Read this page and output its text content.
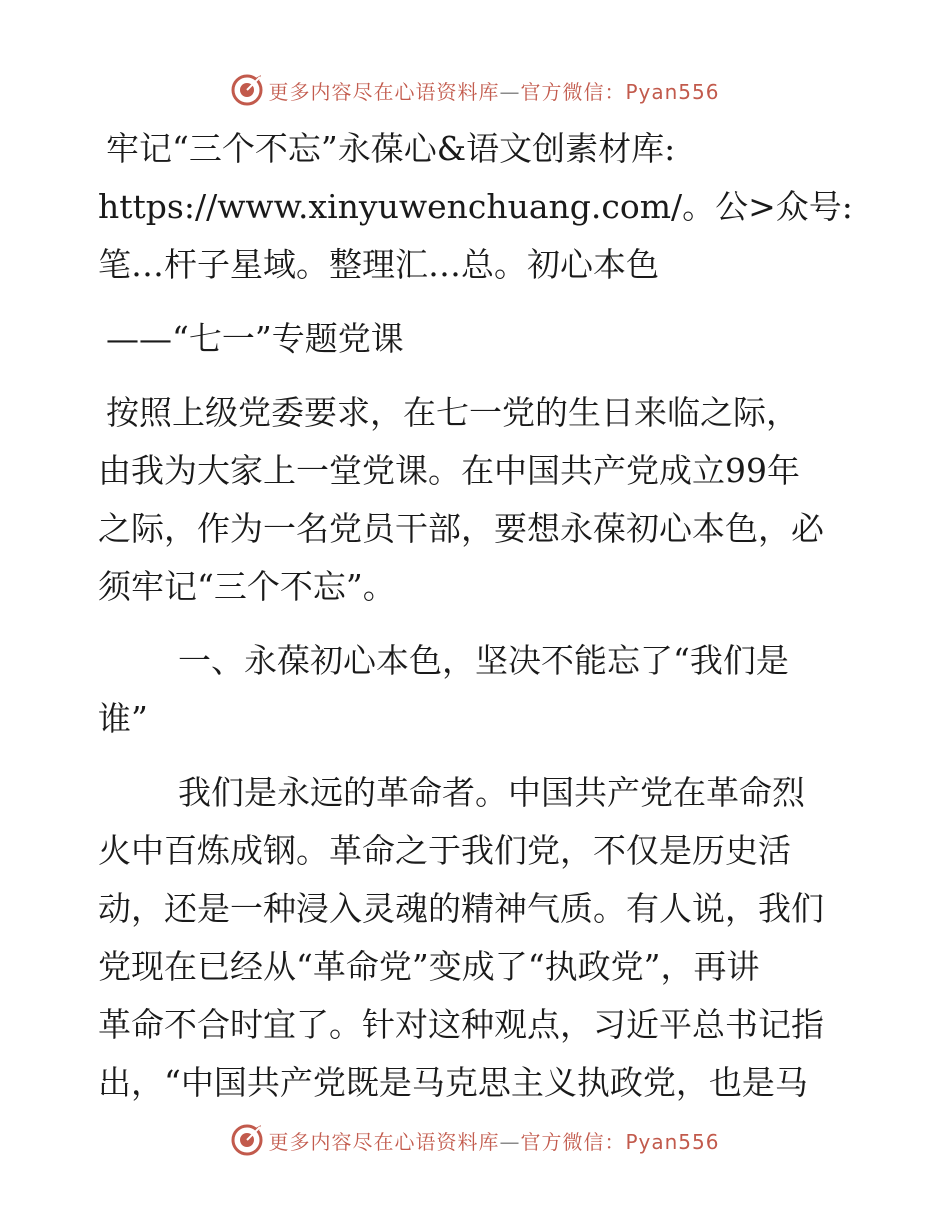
更多内容尽在心语资料库—官方微信：Pyan556

牢记“三个不忘”永葆心&语文创素材库:

https://www.xinyuwenchuang.com/。公>众号:

笔…杆子星域。整理汇…总。初心本色

——“七一”专题党课

按照上级党委要求，在七一党的生日来临之际，

由我为大家上一堂党课。在中国共产党成立99年

之际，作为一名党员干部，要想永葆初心本色，必

须牢记“三个不忘”。

一、永葆初心本色，坚决不能忘了“我们是

谁”

我们是永远的革命者。中国共产党在革命烈

火中百炼成钢。革命之于我们党，不仅是历史活

动，还是一种浸入灵魂的精神气质。有人说，我们

党现在已经从“革命党”变成了“执政党”，再讲

革命不合时宜了。针对这种观点，习近平总书记指

出，“中国共产党既是马克思主义执政党，也是马

更多内容尽在心语资料库—官方微信：Pyan556
